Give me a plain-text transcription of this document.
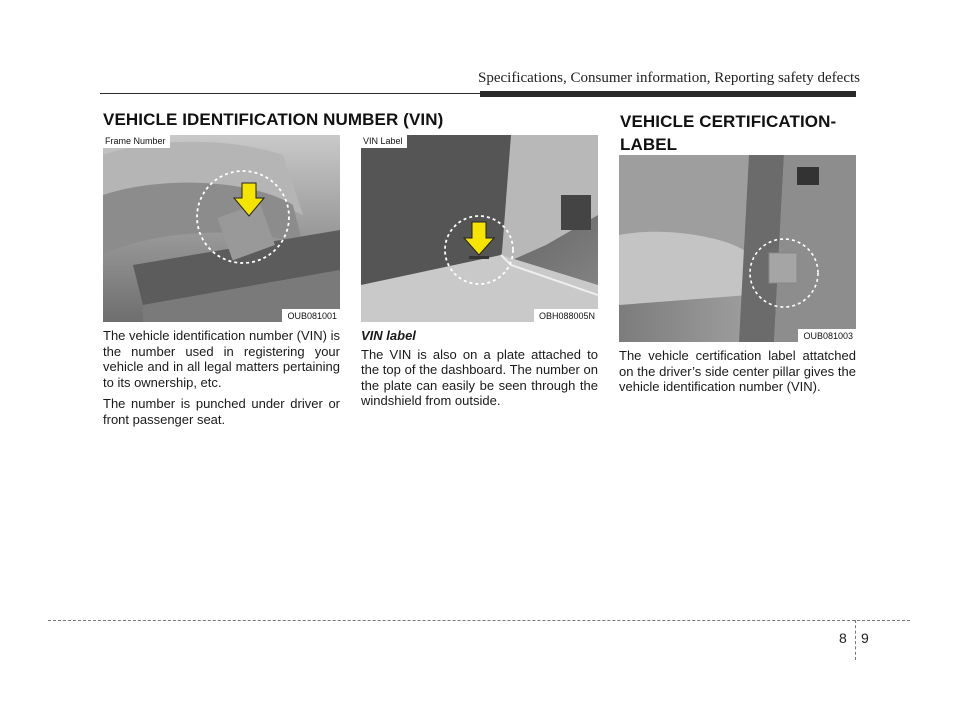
Specifications, Consumer information, Reporting safety defects
VEHICLE IDENTIFICATION NUMBER (VIN)	VEHICLE CERTIFICATION-
LABEL
Frame Number
OUB081001
VIN Label
OBH088005N
OUB081003

The vehicle identification number (VIN) is the number used in registering your vehicle and in all legal matters pertaining to its ownership, etc.

The number is punched under driver or front passenger seat.

VIN label

The VIN is also on a plate attached to the top of the dashboard. The number on the plate can easily be seen through the windshield from outside.

The vehicle certification label attatched on the driver’s side center pillar gives the vehicle identification number (VIN).

8 9
